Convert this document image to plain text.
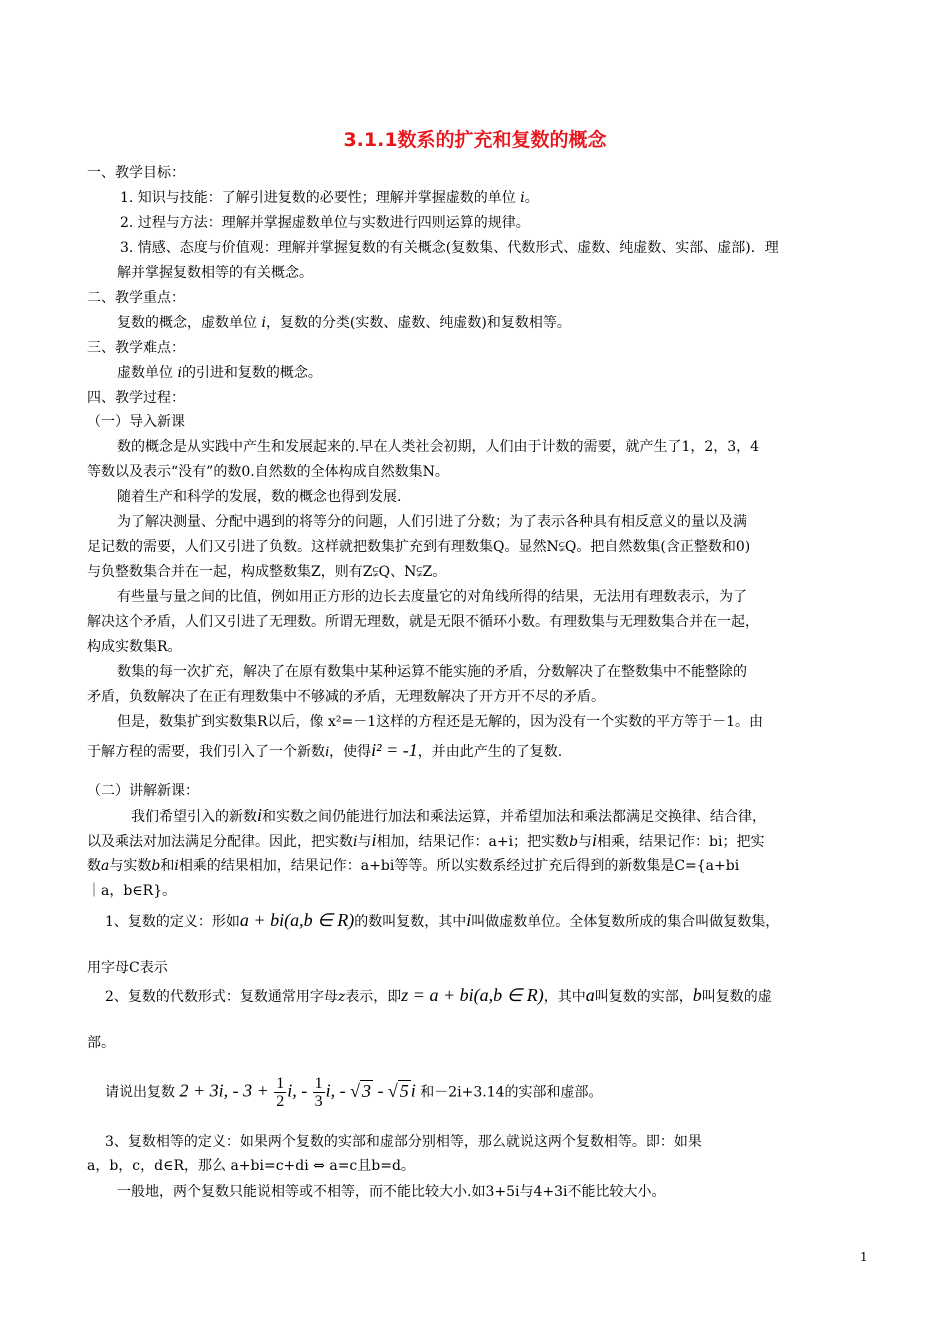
3.1.1数系的扩充和复数的概念
一、教学目标：
1. 知识与技能：了解引进复数的必要性；理解并掌握虚数的单位 i。
2. 过程与方法：理解并掌握虚数单位与实数进行四则运算的规律。
3. 情感、态度与价值观：理解并掌握复数的有关概念(复数集、代数形式、虚数、纯虚数、实部、虚部)．理
解并掌握复数相等的有关概念。
二、教学重点：
复数的概念，虚数单位 i，复数的分类(实数、虚数、纯虚数)和复数相等。
三、教学难点：
虚数单位 i的引进和复数的概念。
四、教学过程：
（一）导入新课
数的概念是从实践中产生和发展起来的.早在人类社会初期，人们由于计数的需要，就产生了1，2，3，4
等数以及表示“没有”的数0.自然数的全体构成自然数集N。
随着生产和科学的发展，数的概念也得到发展.
为了解决测量、分配中遇到的将等分的问题，人们引进了分数；为了表示各种具有相反意义的量以及满
足记数的需要，人们又引进了负数。这样就把数集扩充到有理数集Q。显然N⫋Q。把自然数集(含正整数和0)
与负整数集合并在一起，构成整数集Z，则有Z⫋Q、N⫋Z。
有些量与量之间的比值，例如用正方形的边长去度量它的对角线所得的结果，无法用有理数表示，为了
解决这个矛盾，人们又引进了无理数。所谓无理数，就是无限不循环小数。有理数集与无理数集合并在一起，
构成实数集R。
数集的每一次扩充，解决了在原有数集中某种运算不能实施的矛盾，分数解决了在整数集中不能整除的
矛盾，负数解决了在正有理数集中不够减的矛盾，无理数解决了开方开不尽的矛盾。
但是，数集扩到实数集R以后，像 x²=－1这样的方程还是无解的，因为没有一个实数的平方等于－1。由
于解方程的需要，我们引入了一个新数i，使得i² = -1，并由此产生的了复数.
（二）讲解新课：
我们希望引入的新数i和实数之间仍能进行加法和乘法运算，并希望加法和乘法都满足交换律、结合律，
以及乘法对加法满足分配律。因此，把实数i与i相加，结果记作：a+i；把实数b与i相乘，结果记作：bi；把实
数a与实数b和i相乘的结果相加，结果记作：a+bi等等。所以实数系经过扩充后得到的新数集是C={a+bi
｜a，b∈R}。
1、复数的定义：形如a + bi(a,b ∈ R)的数叫复数，其中i叫做虚数单位。全体复数所成的集合叫做复数集，
用字母C表示
2、复数的代数形式：复数通常用字母z表示，即z = a + bi(a,b ∈ R)，其中a叫复数的实部，b叫复数的虚
部。
请说出复数 2 + 3i, - $3 + \frac{1}{2} i$, - $\frac{1}{3} i$, - √ 3 - √ 5 i 和－2i+3.14的实部和虚部。
3、复数相等的定义：如果两个复数的实部和虚部分别相等，那么就说这两个复数相等。即：如果
a，b，c，d∈R，那么 a+bi=c+di ⇔ a=c且b=d。
一般地，两个复数只能说相等或不相等，而不能比较大小.如3+5i与4+3i不能比较大小。
1
